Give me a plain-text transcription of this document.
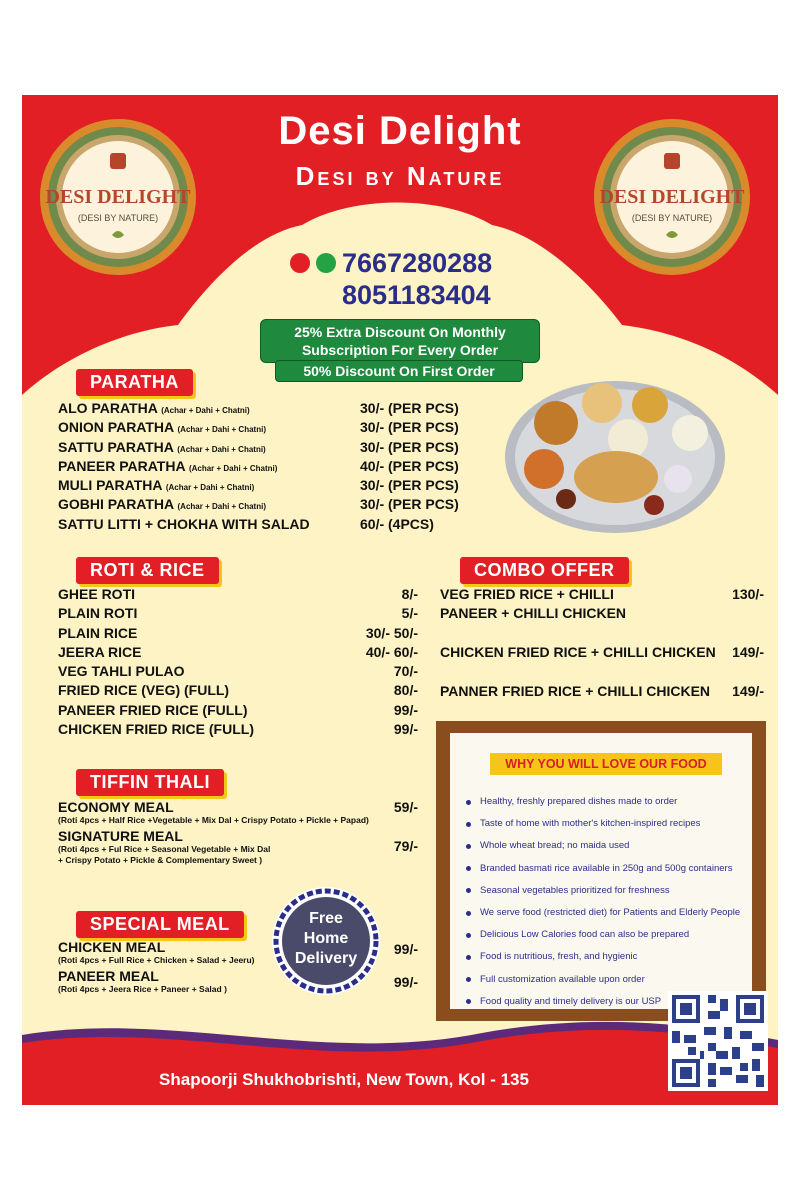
Desi Delight
Desi by Nature
DESI DELIGHT
(DESI BY NATURE)
DESI DELIGHT
(DESI BY NATURE)
7667280288
8051183404
25% Extra Discount On Monthly Subscription For Every Order
50% Discount On First Order
PARATHA
ALO PARATHA (Achar + Dahi + Chatni)	30/- (PER PCS)
ONION PARATHA (Achar + Dahi + Chatni)	30/- (PER PCS)
SATTU PARATHA (Achar + Dahi + Chatni)	30/- (PER PCS)
PANEER PARATHA (Achar + Dahi + Chatni)	40/- (PER PCS)
MULI PARATHA (Achar + Dahi + Chatni)	30/- (PER PCS)
GOBHI PARATHA (Achar + Dahi + Chatni)	30/- (PER PCS)
SATTU LITTI + CHOKHA WITH SALAD	60/- (4PCS)
ROTI & RICE
GHEE ROTI	8/-
PLAIN ROTI	5/-
PLAIN RICE	30/- 50/-
JEERA RICE	40/- 60/-
VEG TAHLI PULAO	70/-
FRIED RICE (VEG) (FULL)	80/-
PANEER FRIED RICE (FULL)	99/-
CHICKEN FRIED RICE (FULL)	99/-
TIFFIN THALI
ECONOMY MEAL	59/-
(Roti 4pcs + Half Rice +Vegetable + Mix Dal + Crispy Potato + Pickle + Papad)
SIGNATURE MEAL
79/-
(Roti 4pcs + Ful Rice + Seasonal Vegetable + Mix Dal
+ Crispy Potato + Pickle & Complementary Sweet )
Free
Home
Delivery
SPECIAL MEAL
CHICKEN MEAL	99/-
(Roti 4pcs + Full Rice + Chicken + Salad + Jeeru)
PANEER MEAL	99/-
(Roti 4pcs + Jeera Rice + Paneer + Salad )
COMBO OFFER
VEG FRIED RICE + CHILLI
PANEER + CHILLI CHICKEN
130/-
CHICKEN FRIED RICE + CHILLI CHICKEN	149/-
PANNER FRIED RICE + CHILLI CHICKEN	149/-
WHY YOU WILL LOVE OUR FOOD
Healthy, freshly prepared dishes made to order
Taste of home with mother's kitchen-inspired recipes
Whole wheat bread; no maida used
Branded basmati rice available in 250g and 500g containers
Seasonal vegetables prioritized for freshness
We serve food (restricted diet) for Patients and Elderly People
Delicious Low Calories food can also be prepared
Food is nutritious, fresh, and hygienic
Full customization available upon order
Food quality and timely delivery is our USP
Shapoorji Shukhobrishti, New Town, Kol - 135
